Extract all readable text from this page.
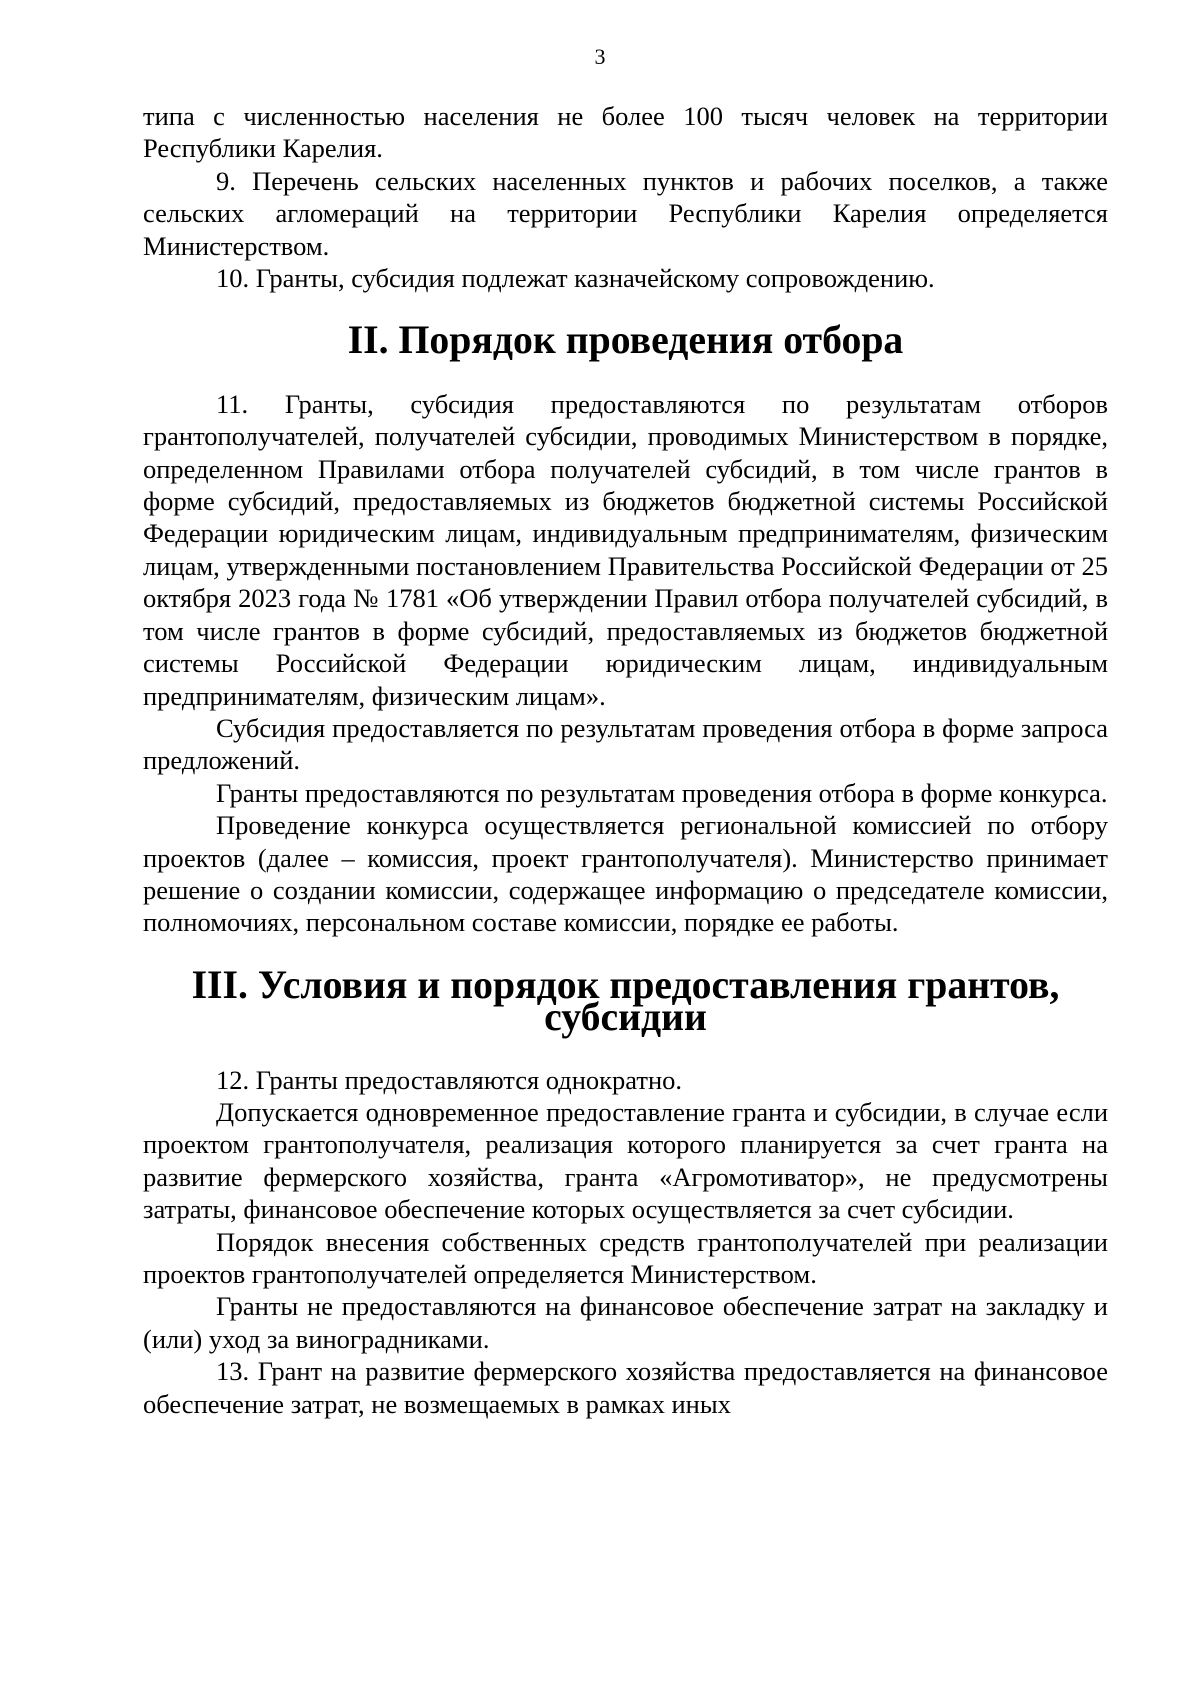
3

типа с численностью населения не более 100 тысяч человек на территории Республики Карелия.

9. Перечень сельских населенных пунктов и рабочих поселков, а также сельских агломераций на территории Республики Карелия определяется Министерством.

10. Гранты, субсидия подлежат казначейскому сопровождению.

II. Порядок проведения отбора

11. Гранты, субсидия предоставляются по результатам отборов грантополучателей, получателей субсидии, проводимых Министерством в порядке, определенном Правилами отбора получателей субсидий, в том числе грантов в форме субсидий, предоставляемых из бюджетов бюджетной системы Российской Федерации юридическим лицам, индивидуальным предпринимателям, физическим лицам, утвержденными постановлением Правительства Российской Федерации от 25 октября 2023 года № 1781 «Об утверждении Правил отбора получателей субсидий, в том числе грантов в форме субсидий, предоставляемых из бюджетов бюджетной системы Российской Федерации юридическим лицам, индивидуальным предпринимателям, физическим лицам».

Субсидия предоставляется по результатам проведения отбора в форме запроса предложений.

Гранты предоставляются по результатам проведения отбора в форме конкурса.

Проведение конкурса осуществляется региональной комиссией по отбору проектов (далее – комиссия, проект грантополучателя). Министерство принимает решение о создании комиссии, содержащее информацию о председателе комиссии, полномочиях, персональном составе комиссии, порядке ее работы.

III. Условия и порядок предоставления грантов, субсидии

12. Гранты предоставляются однократно.

Допускается одновременное предоставление гранта и субсидии, в случае если проектом грантополучателя, реализация которого планируется за счет гранта на развитие фермерского хозяйства, гранта «Агромотиватор», не предусмотрены затраты, финансовое обеспечение которых осуществляется за счет субсидии.

Порядок внесения собственных средств грантополучателей при реализации проектов грантополучателей определяется Министерством.

Гранты не предоставляются на финансовое обеспечение затрат на закладку и (или) уход за виноградниками.

13. Грант на развитие фермерского хозяйства предоставляется на финансовое обеспечение затрат, не возмещаемых в рамках иных
